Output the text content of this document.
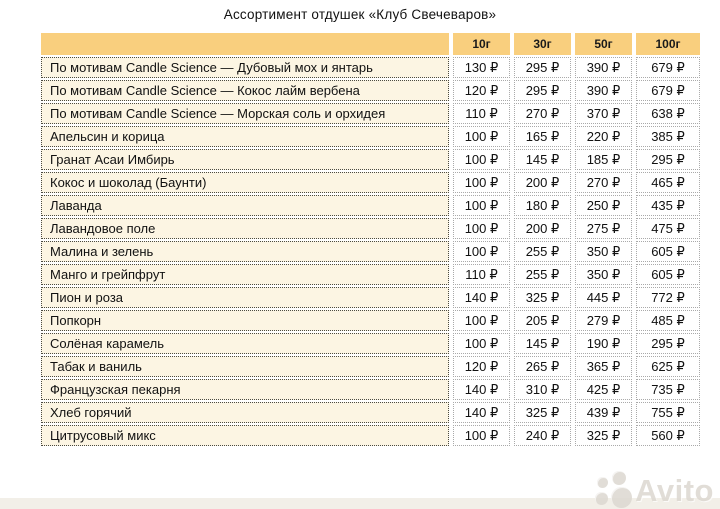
Ассортимент отдушек «Клуб Свечеваров»
	10г	30г	50г	100г
По мотивам Candle Science — Дубовый мох и янтарь	130 ₽	295 ₽	390 ₽	679 ₽
По мотивам Candle Science — Кокос лайм вербена	120 ₽	295 ₽	390 ₽	679 ₽
По мотивам Candle Science — Морская соль и орхидея	110 ₽	270 ₽	370 ₽	638 ₽
Апельсин и корица	100 ₽	165 ₽	220 ₽	385 ₽
Гранат Асаи Имбирь	100 ₽	145 ₽	185 ₽	295 ₽
Кокос и шоколад (Баунти)	100 ₽	200 ₽	270 ₽	465 ₽
Лаванда	100 ₽	180 ₽	250 ₽	435 ₽
Лавандовое поле	100 ₽	200 ₽	275 ₽	475 ₽
Малина и зелень	100 ₽	255 ₽	350 ₽	605 ₽
Манго и грейпфрут	110 ₽	255 ₽	350 ₽	605 ₽
Пион и роза	140 ₽	325 ₽	445 ₽	772 ₽
Попкорн	100 ₽	205 ₽	279 ₽	485 ₽
Солёная карамель	100 ₽	145 ₽	190 ₽	295 ₽
Табак и ваниль	120 ₽	265 ₽	365 ₽	625 ₽
Французская пекарня	140 ₽	310 ₽	425 ₽	735 ₽
Хлеб горячий	140 ₽	325 ₽	439 ₽	755 ₽
Цитрусовый микс	100 ₽	240 ₽	325 ₽	560 ₽
Avito
